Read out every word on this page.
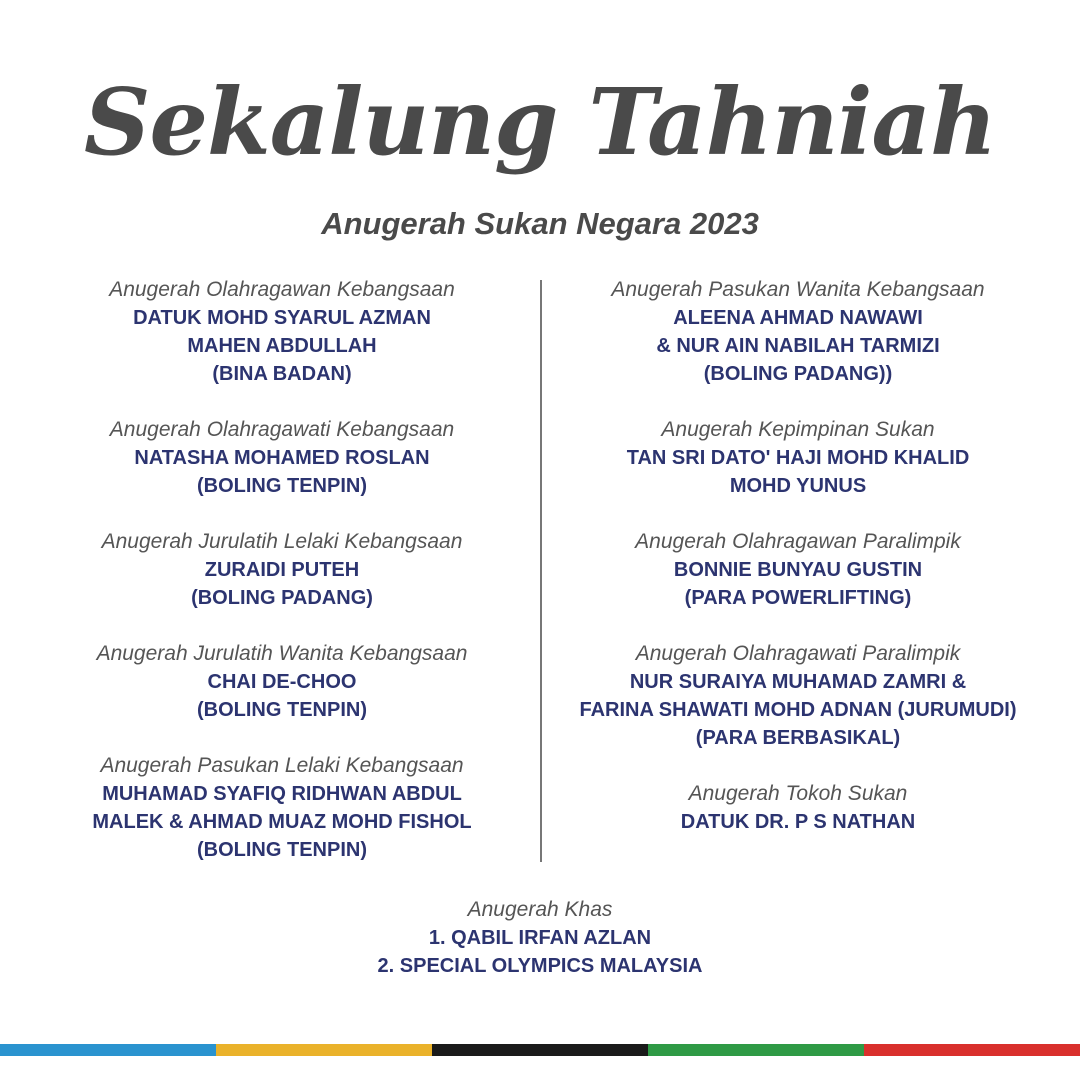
Sekalung Tahniah
Anugerah Sukan Negara 2023
Anugerah Olahragawan Kebangsaan
DATUK MOHD SYARUL AZMAN
MAHEN ABDULLAH
(BINA BADAN)
Anugerah Olahragawati Kebangsaan
NATASHA MOHAMED ROSLAN
(BOLING TENPIN)
Anugerah Jurulatih Lelaki Kebangsaan
ZURAIDI PUTEH
(BOLING PADANG)
Anugerah Jurulatih Wanita Kebangsaan
CHAI DE-CHOO
(BOLING TENPIN)
Anugerah Pasukan Lelaki Kebangsaan
MUHAMAD SYAFIQ RIDHWAN ABDUL
MALEK & AHMAD MUAZ MOHD FISHOL
(BOLING TENPIN)
Anugerah Pasukan Wanita Kebangsaan
ALEENA AHMAD NAWAWI
& NUR AIN NABILAH TARMIZI
(BOLING PADANG))
Anugerah Kepimpinan Sukan
TAN SRI DATO' HAJI MOHD KHALID
MOHD YUNUS
Anugerah Olahragawan Paralimpik
BONNIE BUNYAU GUSTIN
(PARA POWERLIFTING)
Anugerah Olahragawati Paralimpik
NUR SURAIYA MUHAMAD ZAMRI &
FARINA SHAWATI MOHD ADNAN (JURUMUDI)
(PARA BERBASIKAL)
Anugerah Tokoh Sukan
DATUK DR. P S NATHAN
Anugerah Khas
1. QABIL IRFAN AZLAN
2. SPECIAL OLYMPICS MALAYSIA
